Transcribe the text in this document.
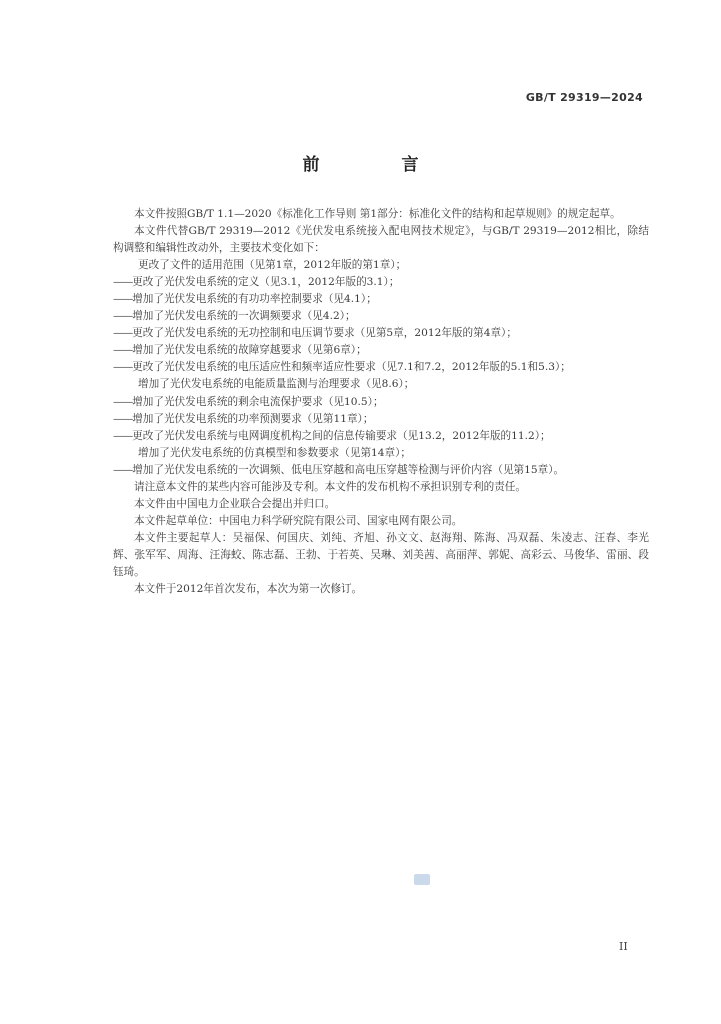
GB/T 29319—2024
前 言

本文件按照GB/T 1.1—2020《标准化工作导则 第1部分：标准化文件的结构和起草规则》的规定起草。

本文件代替GB/T 29319—2012《光伏发电系统接入配电网技术规定》，与GB/T 29319—2012相比，除结构调整和编辑性改动外，主要技术变化如下：

更改了文件的适用范围（见第1章，2012年版的第1章）；

——更改了光伏发电系统的定义（见3.1，2012年版的3.1）；

——增加了光伏发电系统的有功功率控制要求（见4.1）；

——增加了光伏发电系统的一次调频要求（见4.2）；

——更改了光伏发电系统的无功控制和电压调节要求（见第5章，2012年版的第4章）；

——增加了光伏发电系统的故障穿越要求（见第6章）；

——更改了光伏发电系统的电压适应性和频率适应性要求（见7.1和7.2，2012年版的5.1和5.3）；

增加了光伏发电系统的电能质量监测与治理要求（见8.6）；

——增加了光伏发电系统的剩余电流保护要求（见10.5）；

——增加了光伏发电系统的功率预测要求（见第11章）；

——更改了光伏发电系统与电网调度机构之间的信息传输要求（见13.2，2012年版的11.2）；

增加了光伏发电系统的仿真模型和参数要求（见第14章）；

——增加了光伏发电系统的一次调频、低电压穿越和高电压穿越等检测与评价内容（见第15章）。

请注意本文件的某些内容可能涉及专利。本文件的发布机构不承担识别专利的责任。

本文件由中国电力企业联合会提出并归口。

本文件起草单位：中国电力科学研究院有限公司、国家电网有限公司。

本文件主要起草人：吴福保、何国庆、刘纯、齐旭、孙文文、赵海翔、陈海、冯双磊、朱凌志、汪春、李光辉、张军军、周海、汪海蛟、陈志磊、王勃、于若英、吴琳、刘美茜、高丽萍、郭妮、高彩云、马俊华、雷丽、段钰琦。

本文件于2012年首次发布，本次为第一次修订。

II
